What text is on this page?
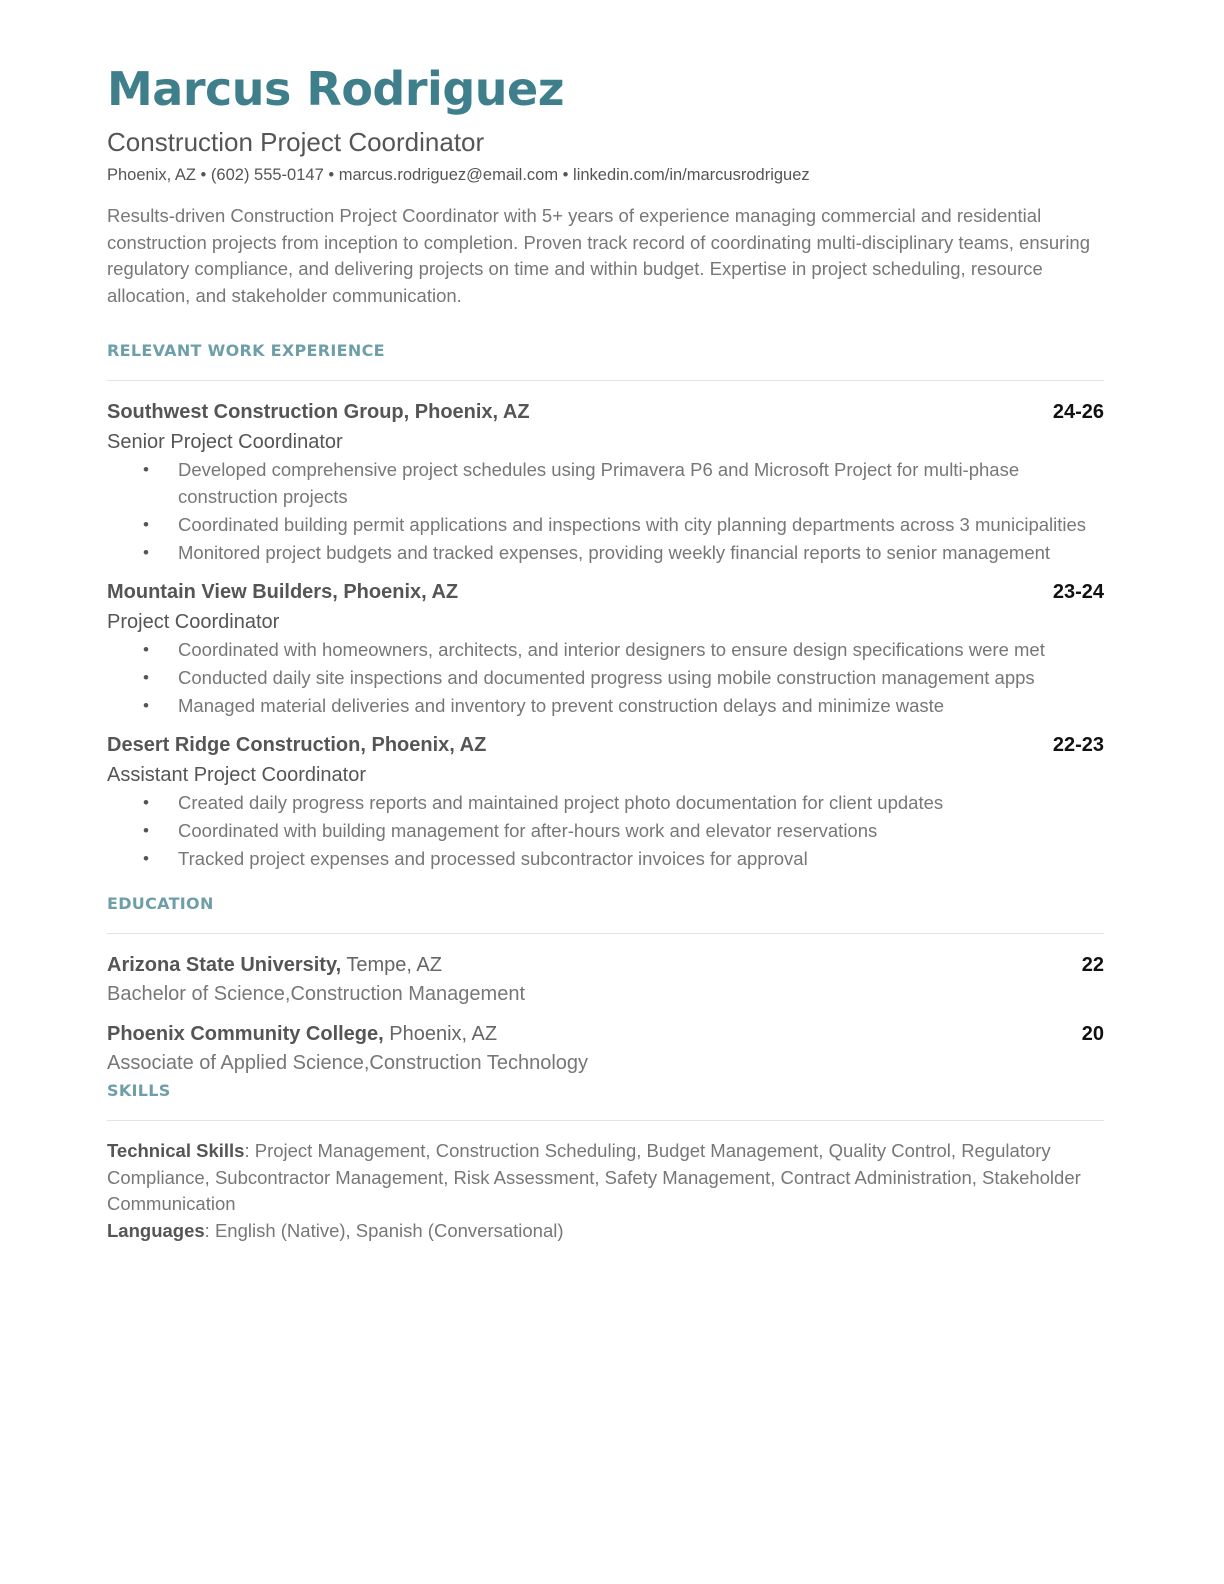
Marcus Rodriguez
Construction Project Coordinator
Phoenix, AZ • (602) 555-0147 • marcus.rodriguez@email.com • linkedin.com/in/marcusrodriguez
Results-driven Construction Project Coordinator with 5+ years of experience managing commercial and residential construction projects from inception to completion. Proven track record of coordinating multi-disciplinary teams, ensuring regulatory compliance, and delivering projects on time and within budget. Expertise in project scheduling, resource allocation, and stakeholder communication.
RELEVANT WORK EXPERIENCE
Southwest Construction Group, Phoenix, AZ	24-26
Senior Project Coordinator
• Developed comprehensive project schedules using Primavera P6 and Microsoft Project for multi-phase construction projects
• Coordinated building permit applications and inspections with city planning departments across 3 municipalities
• Monitored project budgets and tracked expenses, providing weekly financial reports to senior management
Mountain View Builders, Phoenix, AZ	23-24
Project Coordinator
• Coordinated with homeowners, architects, and interior designers to ensure design specifications were met
• Conducted daily site inspections and documented progress using mobile construction management apps
• Managed material deliveries and inventory to prevent construction delays and minimize waste
Desert Ridge Construction, Phoenix, AZ	22-23
Assistant Project Coordinator
• Created daily progress reports and maintained project photo documentation for client updates
• Coordinated with building management for after-hours work and elevator reservations
• Tracked project expenses and processed subcontractor invoices for approval
EDUCATION
Arizona State University, Tempe, AZ	22
Bachelor of Science,Construction Management
Phoenix Community College, Phoenix, AZ	20
Associate of Applied Science,Construction Technology
SKILLS
Technical Skills: Project Management, Construction Scheduling, Budget Management, Quality Control, Regulatory Compliance, Subcontractor Management, Risk Assessment, Safety Management, Contract Administration, Stakeholder Communication
Languages: English (Native), Spanish (Conversational)
